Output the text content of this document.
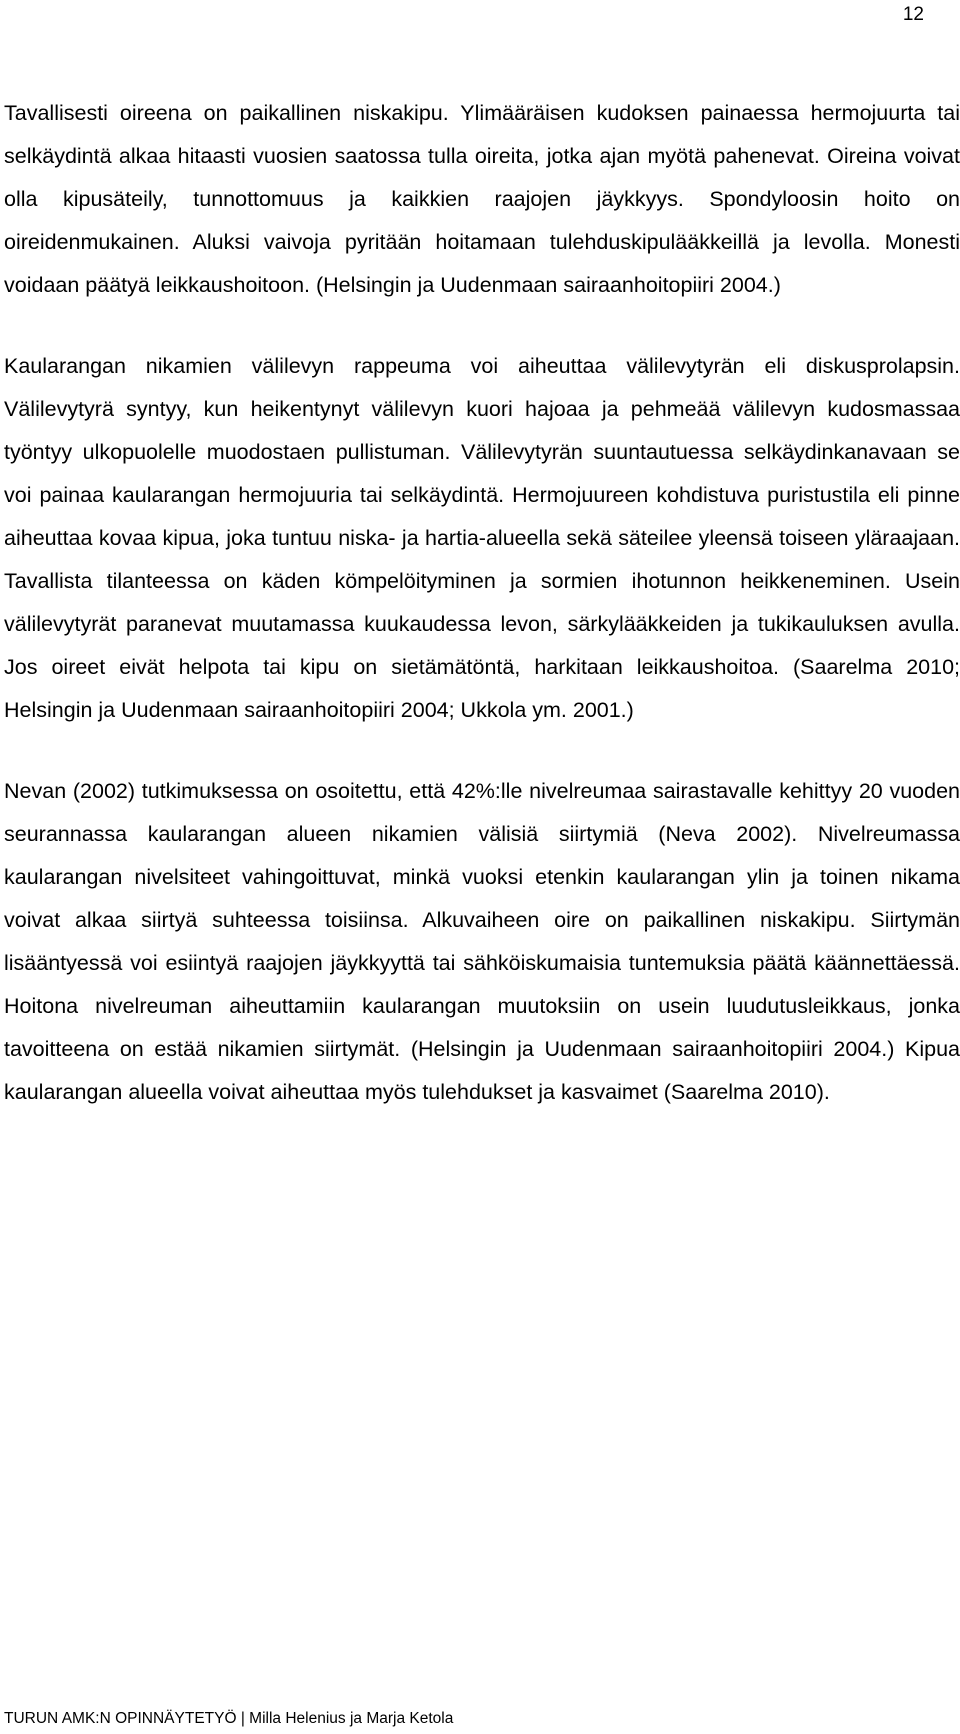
12

Tavallisesti oireena on paikallinen niskakipu. Ylimääräisen kudoksen painaessa hermojuurta tai selkäydintä alkaa hitaasti vuosien saatossa tulla oireita, jotka ajan myötä pahenevat. Oireina voivat olla kipusäteily, tunnottomuus ja kaikkien raajojen jäykkyys. Spondyloosin hoito on oireidenmukainen. Aluksi vaivoja pyritään hoitamaan tulehduskipulääkkeillä ja levolla. Monesti voidaan päätyä leikkaushoitoon. (Helsingin ja Uudenmaan sairaanhoitopiiri 2004.)

Kaularangan nikamien välilevyn rappeuma voi aiheuttaa välilevytyrän eli diskusprolapsin. Välilevytyrä syntyy, kun heikentynyt välilevyn kuori hajoaa ja pehmeää välilevyn kudosmassaa työntyy ulkopuolelle muodostaen pullistuman. Välilevytyrän suuntautuessa selkäydinkanavaan se voi painaa kaularangan hermojuuria tai selkäydintä. Hermojuureen kohdistuva puristustila eli pinne aiheuttaa kovaa kipua, joka tuntuu niska- ja hartia-alueella sekä säteilee yleensä toiseen yläraajaan. Tavallista tilanteessa on käden kömpelöityminen ja sormien ihotunnon heikkeneminen. Usein välilevytyrät paranevat muutamassa kuukaudessa levon, särkylääkkeiden ja tukikauluksen avulla. Jos oireet eivät helpota tai kipu on sietämätöntä, harkitaan leikkaushoitoa. (Saarelma 2010; Helsingin ja Uudenmaan sairaanhoitopiiri 2004; Ukkola ym. 2001.)

Nevan (2002) tutkimuksessa on osoitettu, että 42%:lle nivelreumaa sairastavalle kehittyy 20 vuoden seurannassa kaularangan alueen nikamien välisiä siirtymiä (Neva 2002). Nivelreumassa kaularangan nivelsiteet vahingoittuvat, minkä vuoksi etenkin kaularangan ylin ja toinen nikama voivat alkaa siirtyä suhteessa toisiinsa. Alkuvaiheen oire on paikallinen niskakipu. Siirtymän lisääntyessä voi esiintyä raajojen jäykkyyttä tai sähköiskumaisia tuntemuksia päätä käännettäessä. Hoitona nivelreuman aiheuttamiin kaularangan muutoksiin on usein luudutusleikkaus, jonka tavoitteena on estää nikamien siirtymät. (Helsingin ja Uudenmaan sairaanhoitopiiri 2004.) Kipua kaularangan alueella voivat aiheuttaa myös tulehdukset ja kasvaimet (Saarelma 2010).

TURUN AMK:N OPINNÄYTETYÖ | Milla Helenius ja Marja Ketola
